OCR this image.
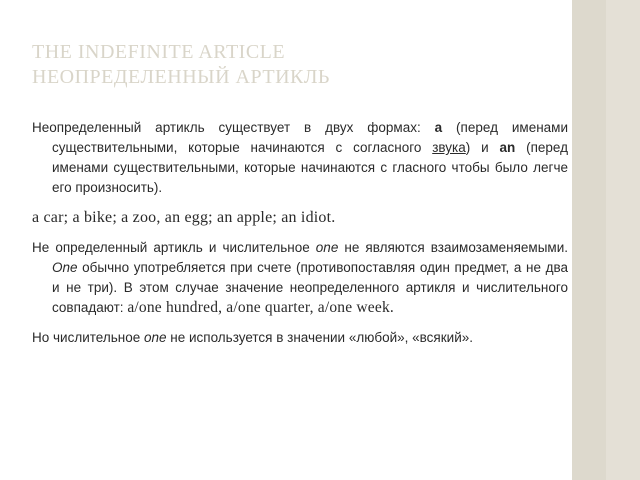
THE INDEFINITE ARTICLE
НЕОПРЕДЕЛЕННЫЙ АРТИКЛЬ

Неопределенный артикль существует в двух формах: a (перед именами существительными, которые начинаются с согласного звука) и an (перед именами существительными, которые начинаются с гласного чтобы было легче его произносить).

a car; a bike; a zoo, an egg; an apple; an idiot.

Не определенный артикль и числительное one не являются взаимозаменяемыми. One обычно употребляется при счете (противопоставляя один предмет, а не два и не три). В этом случае значение неопределенного артикля и числительного совпадают: a/one hundred, a/one quarter, a/one week.

Но числительное one не используется в значении «любой», «всякий».
